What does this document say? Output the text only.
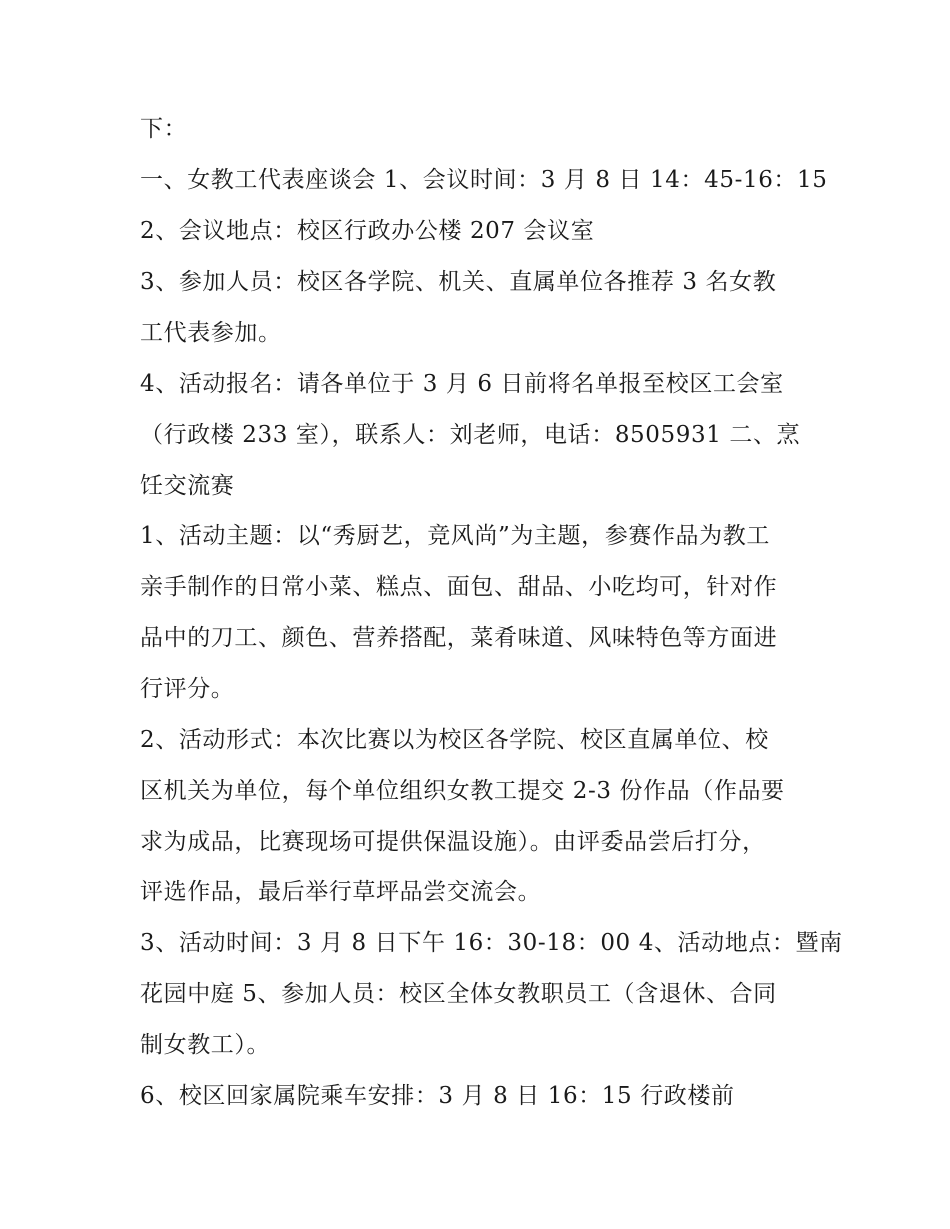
下：
一、女教工代表座谈会 1、会议时间：3 月 8 日 14：45-16：15
2、会议地点：校区行政办公楼 207 会议室
3、参加人员：校区各学院、机关、直属单位各推荐 3 名女教
工代表参加。
4、活动报名：请各单位于 3 月 6 日前将名单报至校区工会室
（行政楼 233 室），联系人：刘老师，电话：8505931 二、烹
饪交流赛
1、活动主题：以“秀厨艺，竞风尚”为主题，参赛作品为教工
亲手制作的日常小菜、糕点、面包、甜品、小吃均可，针对作
品中的刀工、颜色、营养搭配，菜肴味道、风味特色等方面进
行评分。
2、活动形式：本次比赛以为校区各学院、校区直属单位、校
区机关为单位，每个单位组织女教工提交 2-3 份作品（作品要
求为成品，比赛现场可提供保温设施）。由评委品尝后打分，
评选作品，最后举行草坪品尝交流会。
3、活动时间：3 月 8 日下午 16：30-18：00 4、活动地点：暨南
花园中庭 5、参加人员：校区全体女教职员工（含退休、合同
制女教工）。
6、校区回家属院乘车安排：3 月 8 日 16：15 行政楼前
